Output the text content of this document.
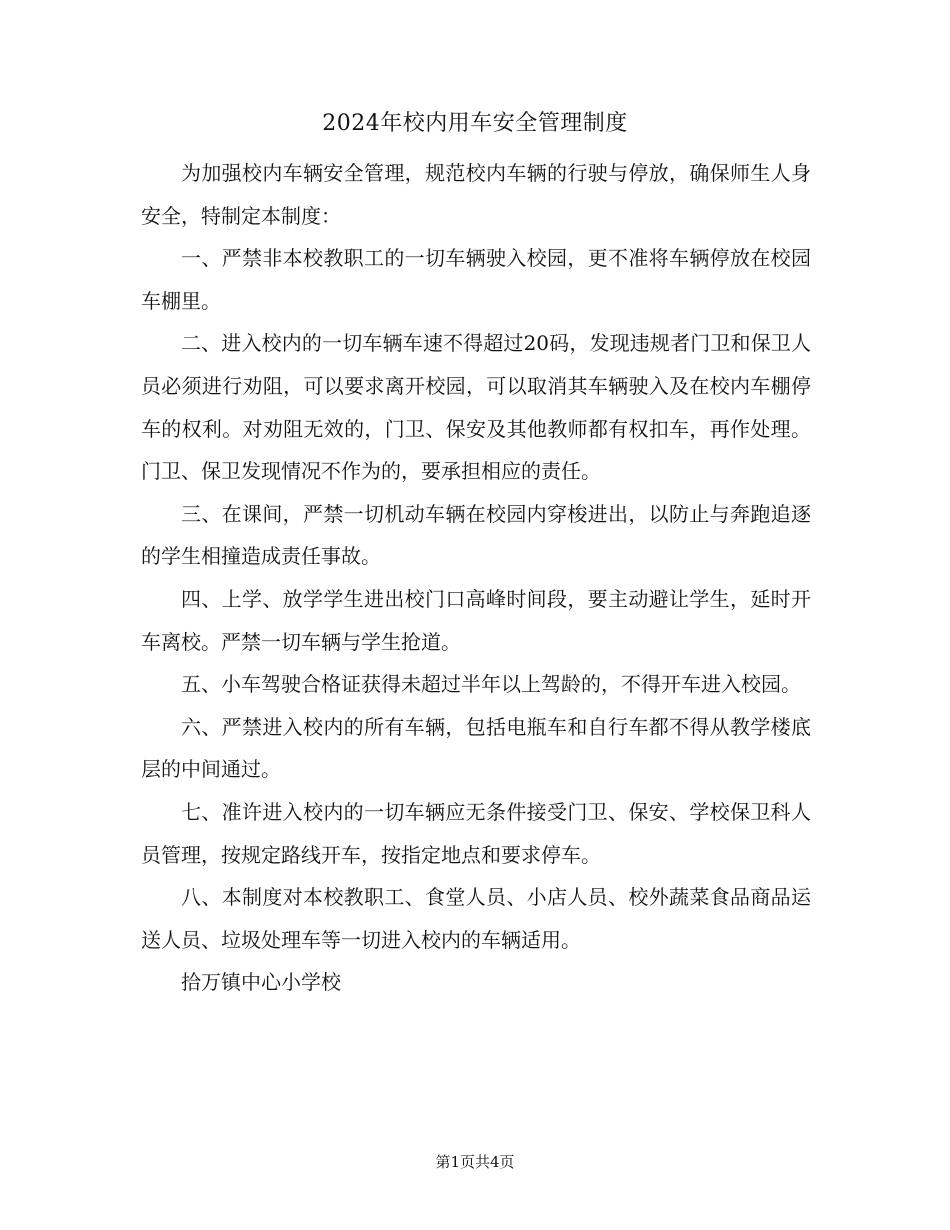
2024年校内用车安全管理制度

为加强校内车辆安全管理，规范校内车辆的行驶与停放，确保师生人身安全，特制定本制度：

一、严禁非本校教职工的一切车辆驶入校园，更不准将车辆停放在校园车棚里。

二、进入校内的一切车辆车速不得超过20码，发现违规者门卫和保卫人员必须进行劝阻，可以要求离开校园，可以取消其车辆驶入及在校内车棚停车的权利。对劝阻无效的，门卫、保安及其他教师都有权扣车，再作处理。门卫、保卫发现情况不作为的，要承担相应的责任。

三、在课间，严禁一切机动车辆在校园内穿梭进出，以防止与奔跑追逐的学生相撞造成责任事故。

四、上学、放学学生进出校门口高峰时间段，要主动避让学生，延时开车离校。严禁一切车辆与学生抢道。

五、小车驾驶合格证获得未超过半年以上驾龄的，不得开车进入校园。

六、严禁进入校内的所有车辆，包括电瓶车和自行车都不得从教学楼底层的中间通过。

七、准许进入校内的一切车辆应无条件接受门卫、保安、学校保卫科人员管理，按规定路线开车，按指定地点和要求停车。

八、本制度对本校教职工、食堂人员、小店人员、校外蔬菜食品商品运送人员、垃圾处理车等一切进入校内的车辆适用。

拾万镇中心小学校

第1页共4页
